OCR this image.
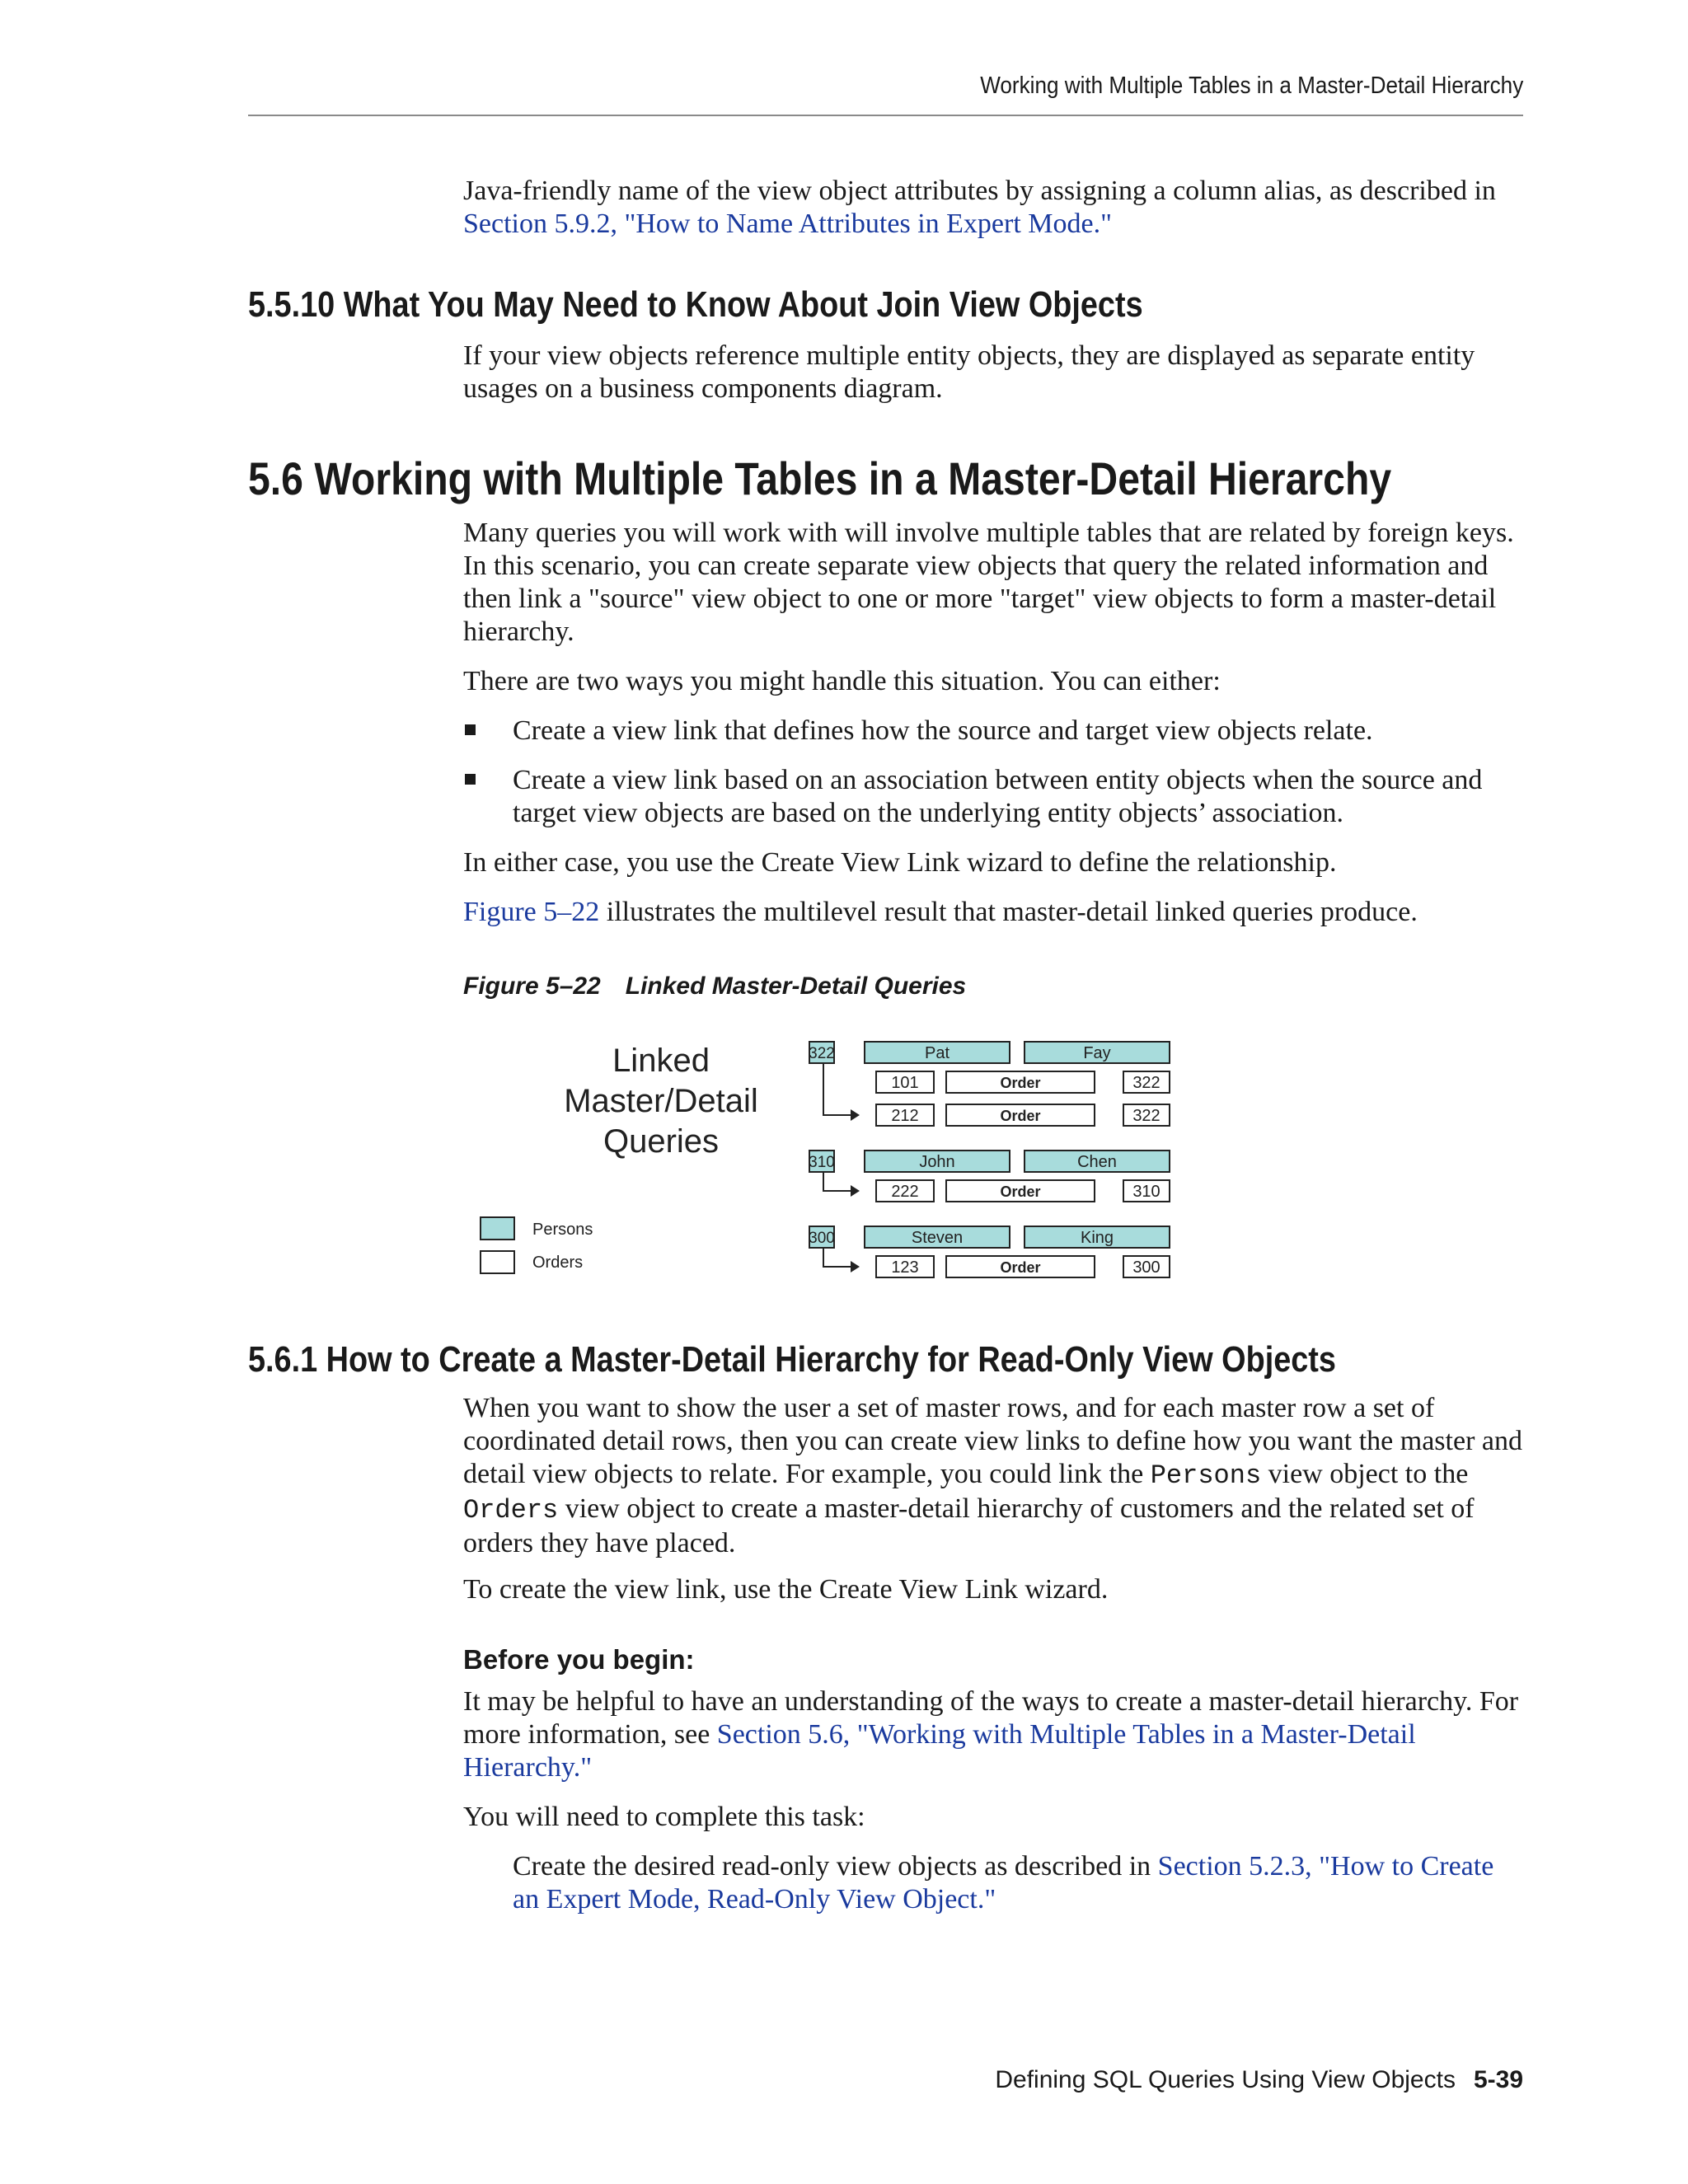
Working with Multiple Tables in a Master-Detail Hierarchy

Java-friendly name of the view object attributes by assigning a column alias, as described in Section 5.9.2, "How to Name Attributes in Expert Mode."

5.5.10 What You May Need to Know About Join View Objects

If your view objects reference multiple entity objects, they are displayed as separate entity usages on a business components diagram.

5.6 Working with Multiple Tables in a Master-Detail Hierarchy

Many queries you will work with will involve multiple tables that are related by foreign keys. In this scenario, you can create separate view objects that query the related information and then link a "source" view object to one or more "target" view objects to form a master-detail hierarchy.

There are two ways you might handle this situation. You can either:

Create a view link that defines how the source and target view objects relate.
Create a view link based on an association between entity objects when the source and target view objects are based on the underlying entity objects’ association.

In either case, you use the Create View Link wizard to define the relationship.

Figure 5–22 illustrates the multilevel result that master-detail linked queries produce.

Figure 5–22 Linked Master-Detail Queries
Linked
Master/Detail
Queries
Persons
Orders
322	Pat	Fay
101	Order	322
212	Order	322
310	John	Chen
222	Order	310
300	Steven	King
123	Order	300
5.6.1 How to Create a Master-Detail Hierarchy for Read-Only View Objects

When you want to show the user a set of master rows, and for each master row a set of coordinated detail rows, then you can create view links to define how you want the master and detail view objects to relate. For example, you could link the Persons view object to the Orders view object to create a master-detail hierarchy of customers and the related set of orders they have placed.

To create the view link, use the Create View Link wizard.

Before you begin:

It may be helpful to have an understanding of the ways to create a master-detail hierarchy. For more information, see Section 5.6, "Working with Multiple Tables in a Master-Detail Hierarchy."

You will need to complete this task:

Create the desired read-only view objects as described in Section 5.2.3, "How to Create an Expert Mode, Read-Only View Object."

Defining SQL Queries Using View Objects 5-39
